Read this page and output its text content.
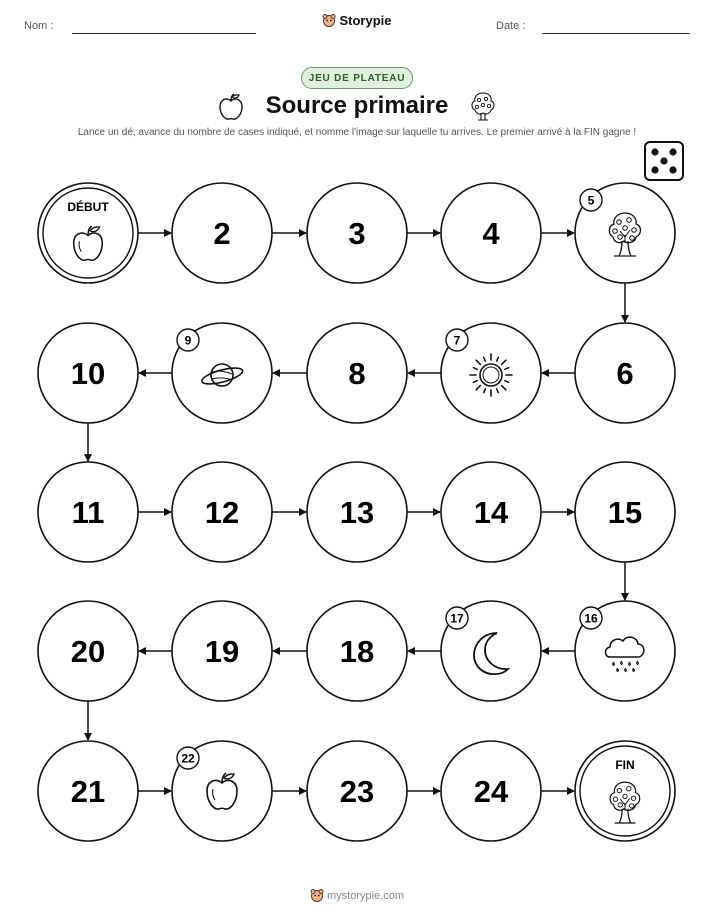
Nom :	Storypie	Date :
JEU DE PLATEAU
Source primaire
Lance un dé, avance du nombre de cases indiqué, et nomme l'image sur laquelle tu arrives. Le premier arrivé à la FIN gagne !
DÉBUT
2	3	4
5
6
7
8
9
10
11	12	13	14	15
16
17
18
19
20
21
22
23	24
FIN
mystorypie.com
